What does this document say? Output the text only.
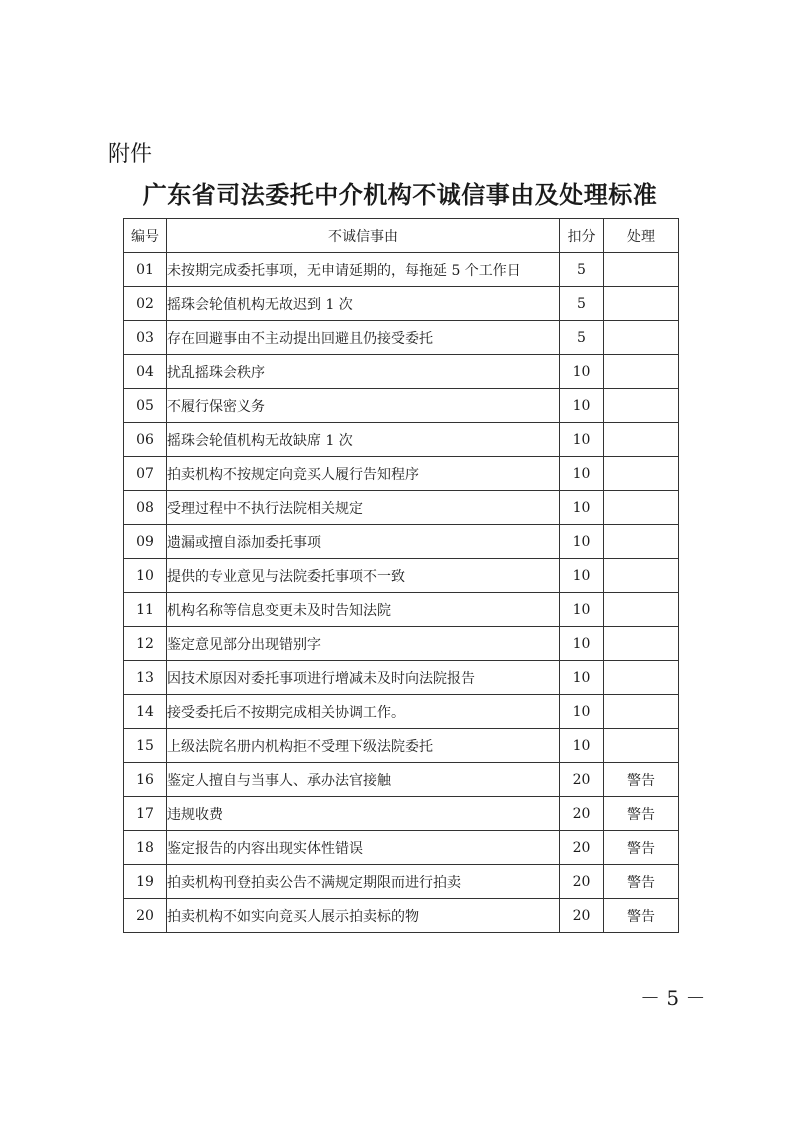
附件
广东省司法委托中介机构不诚信事由及处理标准
编号	不诚信事由	扣分	处理
01	未按期完成委托事项，无申请延期的，每拖延 5 个工作日	5	
02	摇珠会轮值机构无故迟到 1 次	5	
03	存在回避事由不主动提出回避且仍接受委托	5	
04	扰乱摇珠会秩序	10	
05	不履行保密义务	10	
06	摇珠会轮值机构无故缺席 1 次	10	
07	拍卖机构不按规定向竞买人履行告知程序	10	
08	受理过程中不执行法院相关规定	10	
09	遗漏或擅自添加委托事项	10	
10	提供的专业意见与法院委托事项不一致	10	
11	机构名称等信息变更未及时告知法院	10	
12	鉴定意见部分出现错别字	10	
13	因技术原因对委托事项进行增减未及时向法院报告	10	
14	接受委托后不按期完成相关协调工作。	10	
15	上级法院名册内机构拒不受理下级法院委托	10	
16	鉴定人擅自与当事人、承办法官接触	20	警告
17	违规收费	20	警告
18	鉴定报告的内容出现实体性错误	20	警告
19	拍卖机构刊登拍卖公告不满规定期限而进行拍卖	20	警告
20	拍卖机构不如实向竞买人展示拍卖标的物	20	警告
－ 5 －
